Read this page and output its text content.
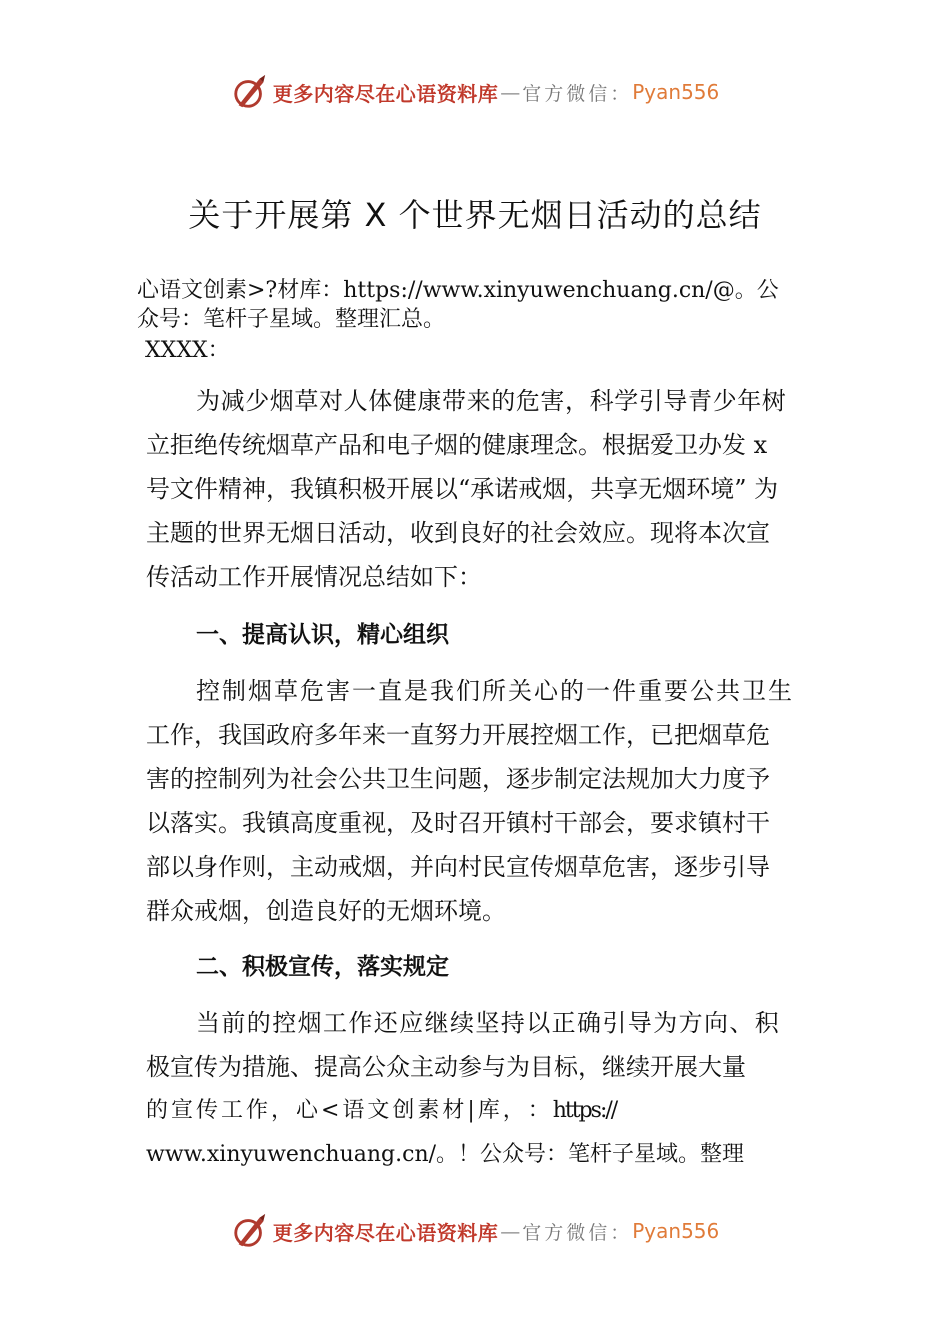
更多内容尽在心语资料库 — 官方微信： Pyan556
关于开展第 X 个世界无烟日活动的总结

心语文创素>?材库：https://www.xinyuwenchuang.cn/@。公

众号：笔杆子星域。整理汇总。

XXXX：

为减少烟草对人体健康带来的危害，科学引导青少年树
立拒绝传统烟草产品和电子烟的健康理念。根据爱卫办发 x
号文件精神，我镇积极开展以“承诺戒烟，共享无烟环境” 为
主题的世界无烟日活动，收到良好的社会效应。现将本次宣
传活动工作开展情况总结如下：
一、提高认识，精心组织
控制烟草危害一直是我们所关心的一件重要公共卫生
工作，我国政府多年来一直努力开展控烟工作，已把烟草危
害的控制列为社会公共卫生问题，逐步制定法规加大力度予
以落实。我镇高度重视，及时召开镇村干部会，要求镇村干
部以身作则，主动戒烟，并向村民宣传烟草危害，逐步引导
群众戒烟，创造良好的无烟环境。
二、积极宣传，落实规定
当前的控烟工作还应继续坚持以正确引导为方向、积
极宣传为措施、提高公众主动参与为目标，继续开展大量
的 宣 传 工 作 ， 心 < 语 文 创 素 材 | 库 ， ： https://
www.xinyuwenchuang.cn/。！公众号：笔杆子星域。整理
更多内容尽在心语资料库 — 官方微信： Pyan556
